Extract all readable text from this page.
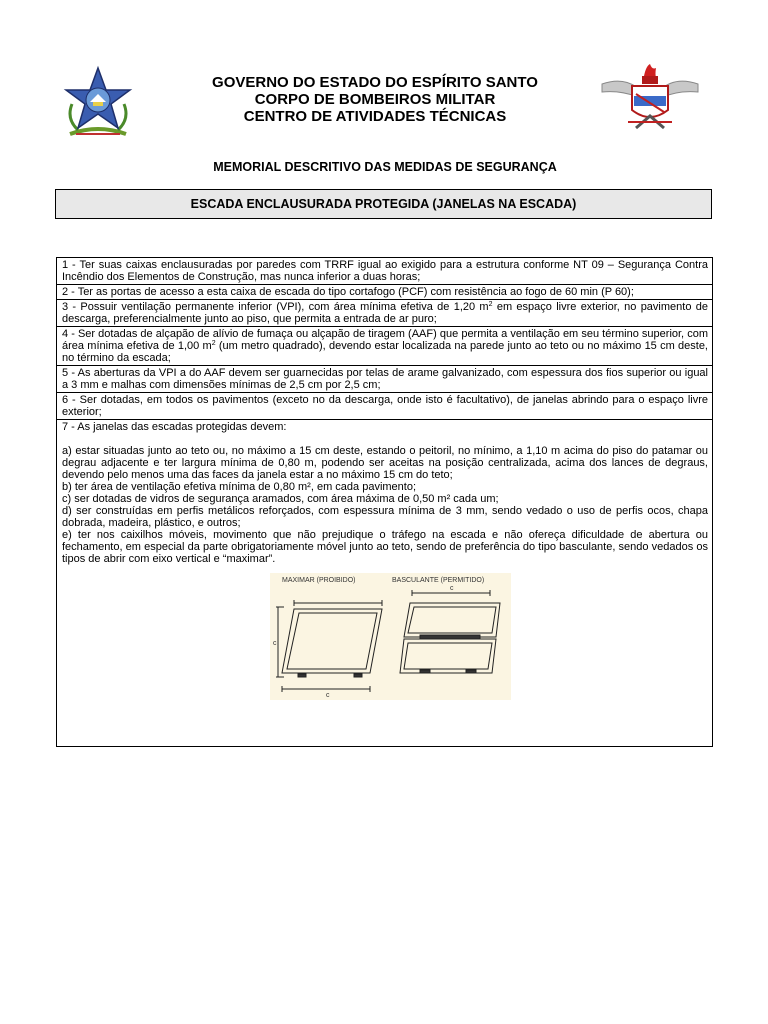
GOVERNO DO ESTADO DO ESPÍRITO SANTO
CORPO DE BOMBEIROS MILITAR
CENTRO DE ATIVIDADES TÉCNICAS
MEMORIAL DESCRITIVO DAS MEDIDAS DE SEGURANÇA
ESCADA ENCLAUSURADA PROTEGIDA (JANELAS NA ESCADA)

1 - Ter suas caixas enclausuradas por paredes com TRRF igual ao exigido para a estrutura conforme NT 09 – Segurança Contra Incêndio dos Elementos de Construção, mas nunca inferior a duas horas;

2 - Ter as portas de acesso a esta caixa de escada do tipo cortafogo (PCF) com resistência ao fogo de 60 min (P 60);

3 - Possuir ventilação permanente inferior (VPI), com área mínima efetiva de 1,20 $m^2$ em espaço livre exterior, no pavimento de descarga, preferencialmente junto ao piso, que permita a entrada de ar puro;

4 - Ser dotadas de alçapão de alívio de fumaça ou alçapão de tiragem (AAF) que permita a ventilação em seu término superior, com área mínima efetiva de 1,00 $m^2$ (um metro quadrado), devendo estar localizada na parede junto ao teto ou no máximo 15 cm deste, no término da escada;

5 - As aberturas da VPI a do AAF devem ser guarnecidas por telas de arame galvanizado, com espessura dos fios superior ou igual a 3 mm e malhas com dimensões mínimas de 2,5 cm por 2,5 cm;

6 - Ser dotadas, em todos os pavimentos (exceto no da descarga, onde isto é facultativo), de janelas abrindo para o espaço livre exterior;

7 - As janelas das escadas protegidas devem:

a) estar situadas junto ao teto ou, no máximo a 15 cm deste, estando o peitoril, no mínimo, a 1,10 m acima do piso do patamar ou degrau adjacente e ter largura mínima de 0,80 m, podendo ser aceitas na posição centralizada, acima dos lances de degraus, devendo pelo menos uma das faces da janela estar a no máximo 15 cm do teto;

b) ter área de ventilação efetiva mínima de 0,80 m², em cada pavimento;

c) ser dotadas de vidros de segurança aramados, com área máxima de 0,50 m² cada um;

d) ser construídas em perfis metálicos reforçados, com espessura mínima de 3 mm, sendo vedado o uso de perfis ocos, chapa dobrada, madeira, plástico, e outros;

e) ter nos caixilhos móveis, movimento que não prejudique o tráfego na escada e não ofereça dificuldade de abertura ou fechamento, em especial da parte obrigatoriamente móvel junto ao teto, sendo de preferência do tipo basculante, sendo vedados os tipos de abrir com eixo vertical e “maximar”.

MAXIMAR (PROIBIDO)	BASCULANTE (PERMITIDO)
c
c
c
